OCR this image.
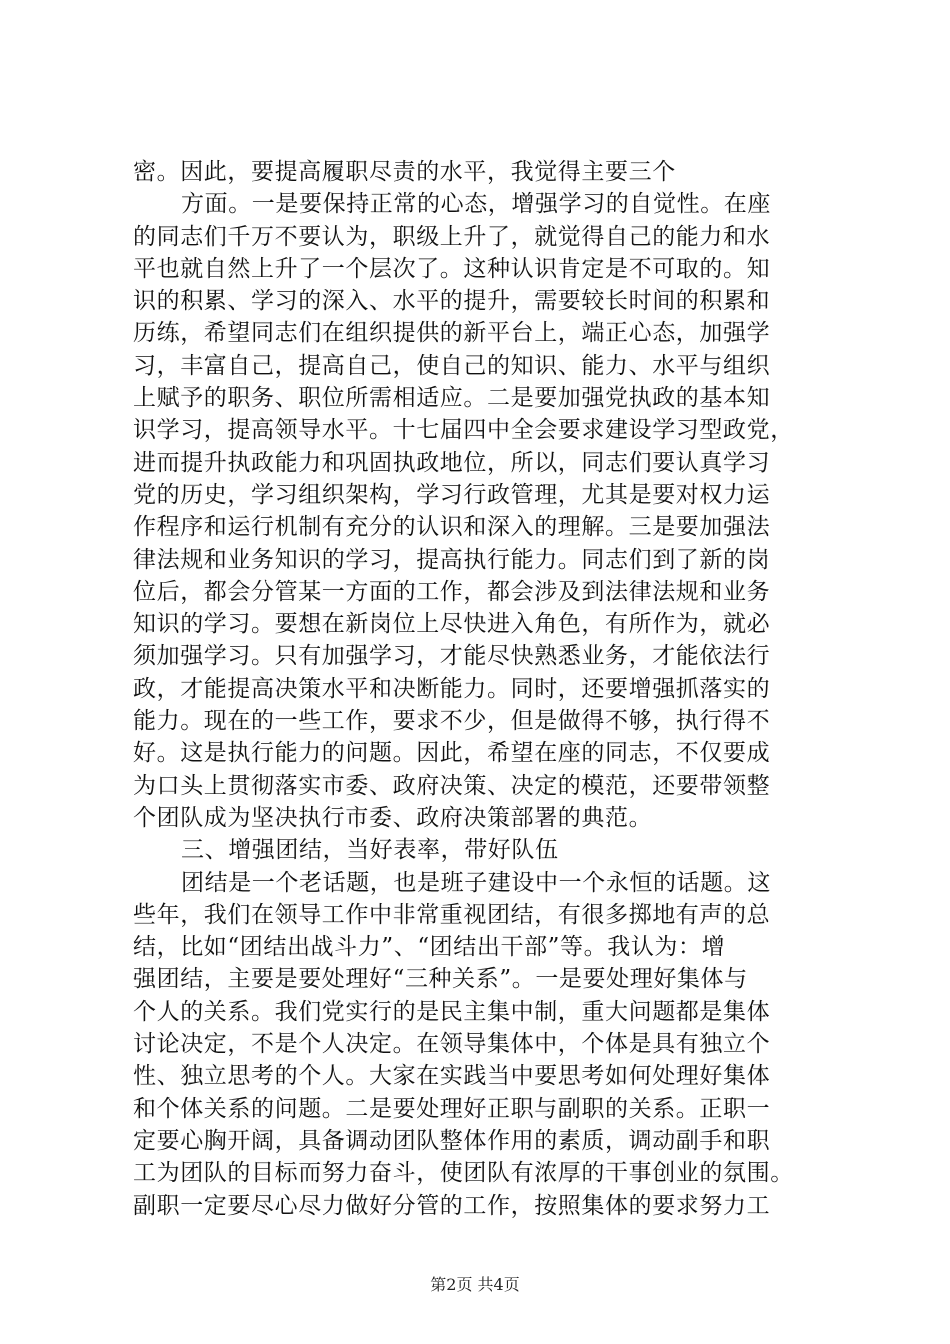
密。因此，要提高履职尽责的水平，我觉得主要三个
方面。一是要保持正常的心态，增强学习的自觉性。在座
的同志们千万不要认为，职级上升了，就觉得自己的能力和水
平也就自然上升了一个层次了。这种认识肯定是不可取的。知
识的积累、学习的深入、水平的提升，需要较长时间的积累和
历练，希望同志们在组织提供的新平台上，端正心态，加强学
习，丰富自己，提高自己，使自己的知识、能力、水平与组织
上赋予的职务、职位所需相适应。二是要加强党执政的基本知
识学习，提高领导水平。十七届四中全会要求建设学习型政党，
进而提升执政能力和巩固执政地位，所以，同志们要认真学习
党的历史，学习组织架构，学习行政管理，尤其是要对权力运
作程序和运行机制有充分的认识和深入的理解。三是要加强法
律法规和业务知识的学习，提高执行能力。同志们到了新的岗
位后，都会分管某一方面的工作，都会涉及到法律法规和业务
知识的学习。要想在新岗位上尽快进入角色，有所作为，就必
须加强学习。只有加强学习，才能尽快熟悉业务，才能依法行
政，才能提高决策水平和决断能力。同时，还要增强抓落实的
能力。现在的一些工作，要求不少，但是做得不够，执行得不
好。这是执行能力的问题。因此，希望在座的同志，不仅要成
为口头上贯彻落实市委、政府决策、决定的模范，还要带领整
个团队成为坚决执行市委、政府决策部署的典范。
三、增强团结，当好表率，带好队伍
团结是一个老话题，也是班子建设中一个永恒的话题。这
些年，我们在领导工作中非常重视团结，有很多掷地有声的总
结，比如“团结出战斗力”、“团结出干部”等。我认为：增
强团结，主要是要处理好“三种关系”。一是要处理好集体与
个人的关系。我们党实行的是民主集中制，重大问题都是集体
讨论决定，不是个人决定。在领导集体中，个体是具有独立个
性、独立思考的个人。大家在实践当中要思考如何处理好集体
和个体关系的问题。二是要处理好正职与副职的关系。正职一
定要心胸开阔，具备调动团队整体作用的素质，调动副手和职
工为团队的目标而努力奋斗，使团队有浓厚的干事创业的氛围。
副职一定要尽心尽力做好分管的工作，按照集体的要求努力工
第2页 共4页
